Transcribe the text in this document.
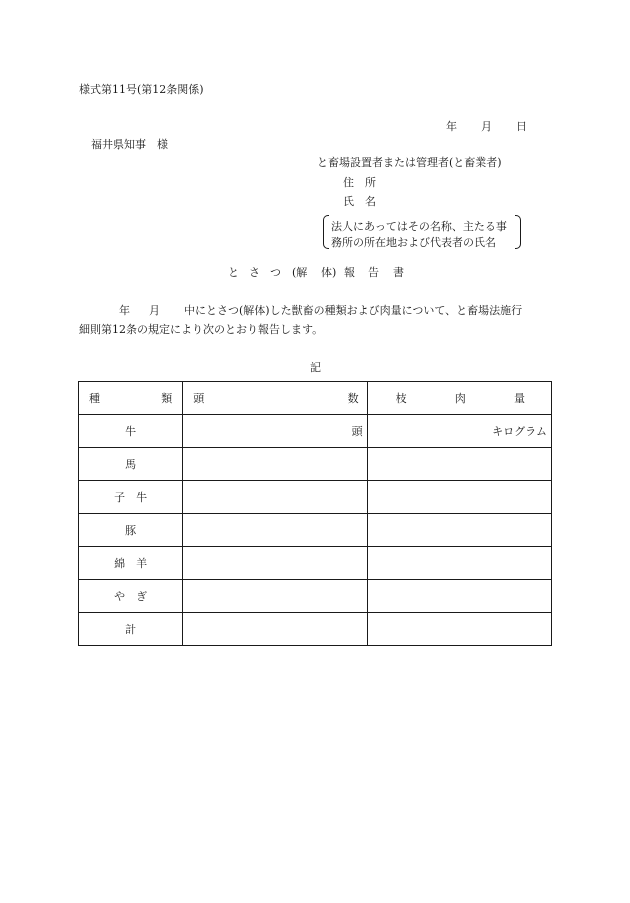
様式第11号(第12条関係)
年 月 日
福井県知事　様
と畜場設置者または管理者(と畜業者)
住　所
氏　名
法人にあってはその名称、主たる事
務所の所在地および代表者の氏名
と さ つ (解 体) 報 告 書
年 月 中にとさつ(解体)した獣畜の種類および肉量について、と畜場法施行
細則第12条の規定により次のとおり報告します。
記
種 類	頭 数	枝 肉 量

牛	頭	キログラム
馬		
子　牛		
豚		
綿　羊		
や　ぎ		
計		
